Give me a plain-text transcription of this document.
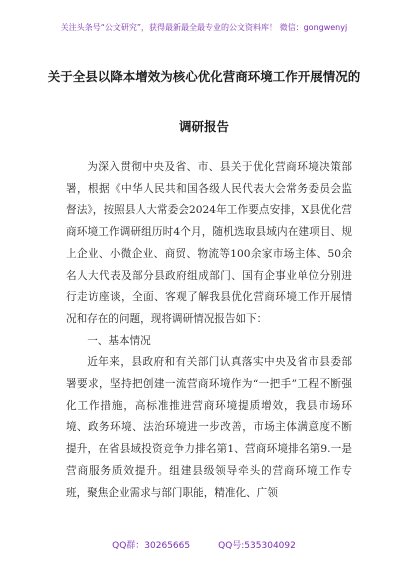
关注头条号“公文研究”，获得最新最全最专业的公文资料库！ 微信：gongwenyj
关于全县以降本增效为核心优化营商环境工作开展情况的
调研报告

为深入贯彻中央及省、市、县关于优化营商环境决策部署，根据《中华人民共和国各级人民代表大会常务委员会监督法》，按照县人大常委会2024年工作要点安排，X县优化营商环境工作调研组历时4个月，随机选取县域内在建项目、规上企业、小微企业、商贸、物流等100余家市场主体、50余名人大代表及部分县政府组成部门、国有企事业单位分别进行走访座谈，全面、客观了解我县优化营商环境工作开展情况和存在的问题，现将调研情况报告如下：

一、基本情况

近年来，县政府和有关部门认真落实中央及省市县委部署要求，坚持把创建一流营商环境作为“一把手”工程不断强化工作措施，高标准推进营商环境提质增效，我县市场环境、政务环境、法治环境进一步改善，市场主体满意度不断提升，在省县域投资竞争力排名第1、营商环境排名第9.一是营商服务质效提升。组建县级领导牵头的营商环境工作专班，聚焦企业需求与部门职能，精准化、广领

QQ群：30265665	QQ号:535304092
